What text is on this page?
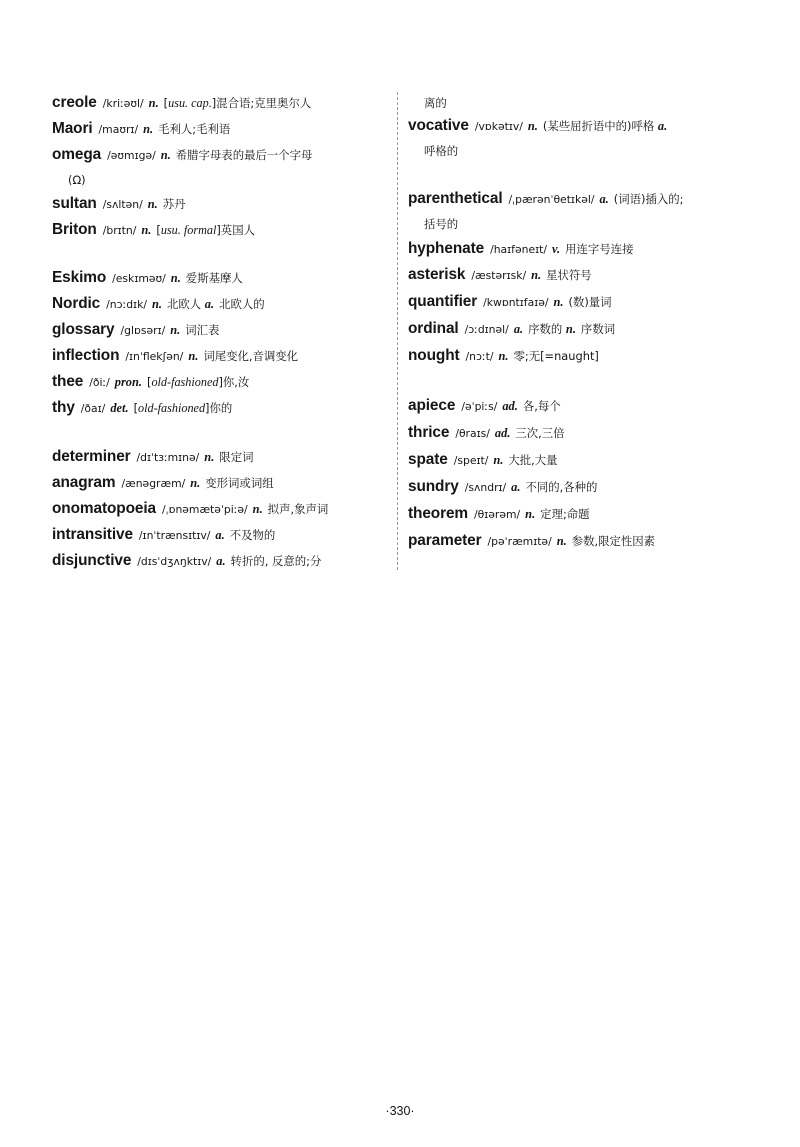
creole /kriːəʊl/ n. [usu. cap.]混合语;克里奥尔人
Maori /maʊrɪ/ n. 毛利人;毛利语
omega /əʊmɪgə/ n. 希腊字母表的最后一个字母
(Ω)
sultan /sʌltən/ n. 苏丹
Briton /brɪtn/ n. [usu. formal]英国人
Eskimo /eskɪməʊ/ n. 爱斯基摩人
Nordic /nɔːdɪk/ n. 北欧人 a. 北欧人的
glossary /glɒsərɪ/ n. 词汇表
inflection /ɪnˈflekʃən/ n. 词尾变化,音调变化
thee /ðiː/ pron. [old-fashioned]你,汝
thy /ðaɪ/ det. [old-fashioned]你的
determiner /dɪˈtɜːmɪnə/ n. 限定词
anagram /ænəgræm/ n. 变形词或词组
onomatopoeia /ˌɒnəmætəˈpiːə/ n. 拟声,象声词
intransitive /ɪnˈtrænsɪtɪv/ a. 不及物的
disjunctive /dɪsˈdʒʌŋktɪv/ a. 转折的, 反意的;分
离的
vocative /vɒkətɪv/ n. (某些屈折语中的)呼格 a.
呼格的
parenthetical /ˌpærənˈθetɪkəl/ a. (词语)插入的;
括号的
hyphenate /haɪfəneɪt/ v. 用连字号连接
asterisk /æstərɪsk/ n. 星状符号
quantifier /kwɒntɪfaɪə/ n. (数)量词
ordinal /ɔːdɪnəl/ a. 序数的 n. 序数词
nought /nɔːt/ n. 零;无[=naught]
apiece /əˈpiːs/ ad. 各,每个
thrice /θraɪs/ ad. 三次,三倍
spate /speɪt/ n. 大批,大量
sundry /sʌndrɪ/ a. 不同的,各种的
theorem /θɪərəm/ n. 定理;命题
parameter /pəˈræmɪtə/ n. 参数,限定性因素
·330·
